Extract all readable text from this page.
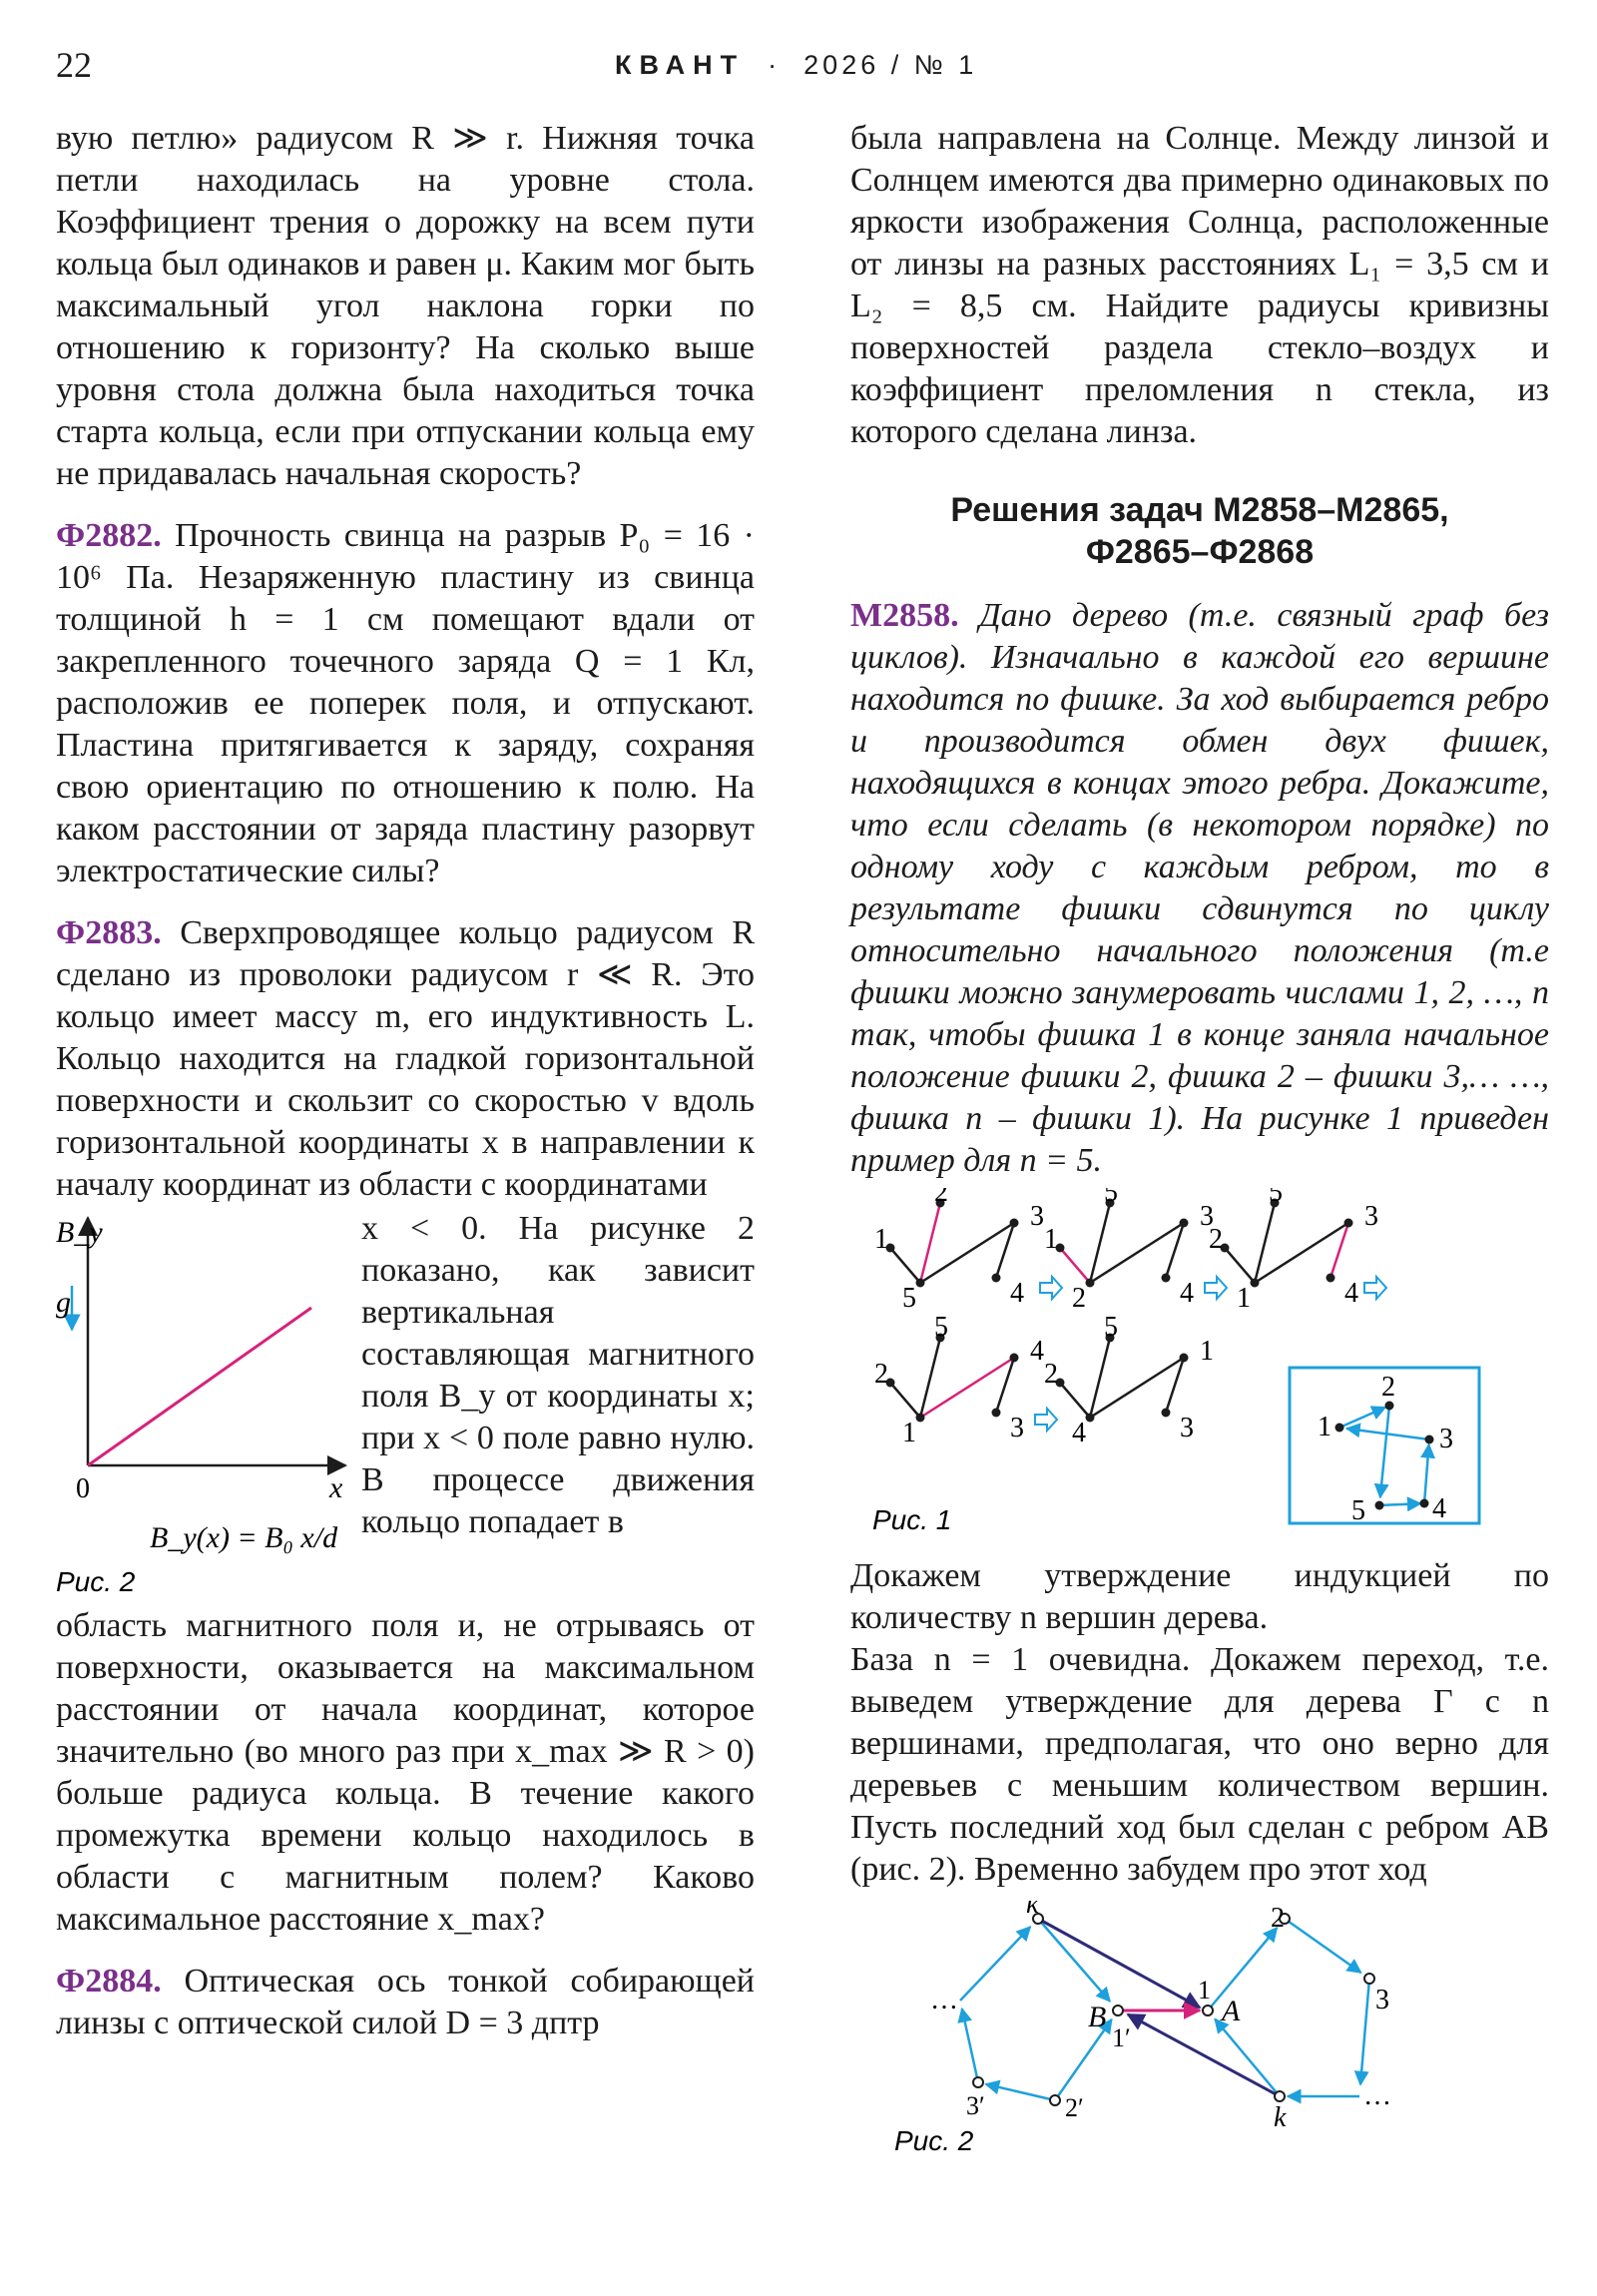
22	КВАНТ · 2026 / № 1

вую петлю» радиусом R ≫ r. Нижняя точка петли находилась на уровне стола. Коэффициент трения о дорожку на всем пути кольца был одинаков и равен μ. Каким мог быть максимальный угол наклона горки по отношению к горизонту? На сколько выше уровня стола должна была находиться точка старта кольца, если при отпускании кольца ему не придавалась начальная скорость?

Ф2882. Прочность свинца на разрыв P₀ = 16 · 10⁶ Па. Незаряженную пластину из свинца толщиной h = 1 см помещают вдали от закрепленного точечного заряда Q = 1 Кл, расположив ее поперек поля, и отпускают. Пластина притягивается к заряду, сохраняя свою ориентацию по отношению к полю. На каком расстоянии от заряда пластину разорвут электростатические силы?

Ф2883. Сверхпроводящее кольцо радиусом R сделано из проволоки радиусом r ≪ R. Это кольцо имеет массу m, его индуктивность L. Кольцо находится на гладкой горизонтальной поверхности и скользит со скоростью v вдоль горизонтальной координаты x в направлении к началу координат из области с координатами

B_y
g
0	x
B_y(x) = B₀ x/d
Рис. 2

x < 0. На рисунке 2 показано, как зависит вертикальная составляющая магнитного поля B_y от координаты x; при x < 0 поле равно нулю. В процессе движения кольцо попадает в

область магнитного поля и, не отрываясь от поверхности, оказывается на максимальном расстоянии от начала координат, которое значительно (во много раз при x_max ≫ R > 0) больше радиуса кольца. В течение какого промежутка времени кольцо находилось в области с магнитным полем? Каково максимальное расстояние x_max?

Ф2884. Оптическая ось тонкой собирающей линзы с оптической силой D = 3 дптр

была направлена на Солнце. Между линзой и Солнцем имеются два примерно одинаковых по яркости изображения Солнца, расположенные от линзы на разных расстояниях L₁ = 3,5 см и L₂ = 8,5 см. Найдите радиусы кривизны поверхностей раздела стекло–воздух и коэффициент преломления n стекла, из которого сделана линза.

Решения задач М2858–М2865,
Ф2865–Ф2868

М2858. Дано дерево (т.е. связный граф без циклов). Изначально в каждой его вершине находится по фишке. За ход выбирается ребро и производится обмен двух фишек, находящихся в концах этого ребра. Докажите, что если сделать (в некотором порядке) по одному ходу с каждым ребром, то в результате фишки сдвинутся по циклу относительно начального положения (т.е фишки можно занумеровать числами 1, 2, …, n так, чтобы фишка 1 в конце заняла начальное положение фишки 2, фишка 2 – фишки 3,… …, фишка n – фишки 1). На рисунке 1 приведен пример для n = 5.

1
2
3
4
5
1
5
3
4
2
2
5
3
4
1
2
5
4
3
1
2
5
1
3
4	1
2
3
4
5
Рис. 1

Докажем утверждение индукцией по количеству n вершин дерева.

База n = 1 очевидна. Докажем переход, т.е. выведем утверждение для дерева Γ с n вершинами, предполагая, что оно верно для деревьев с меньшим количеством вершин. Пусть последний ход был сделан с ребром AB (рис. 2). Временно забудем про этот ход

k′	2
1
A
B
1′
3
…
3′	2′	k
…
Рис. 2
